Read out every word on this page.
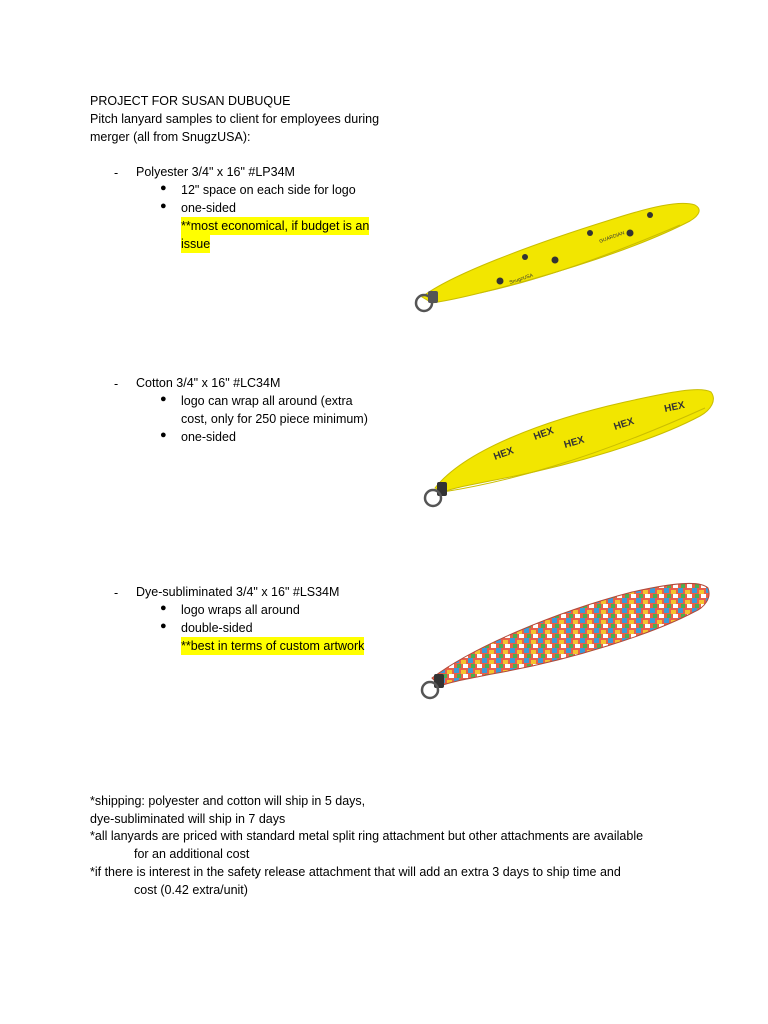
PROJECT FOR SUSAN DUBUQUE
Pitch lanyard samples to client for employees during
merger (all from SnugzUSA):
- Polyester 3/4" x 16" #LP34M
● 12" space on each side for logo
● one-sided
**most economical, if budget is an
issue
SnugzUSA
GUARDIAN
- Cotton 3/4" x 16" #LC34M
● logo can wrap all around (extra
cost, only for 250 piece minimum)
● one-sided
HEX
HEX
HEX
HEX
HEX
- Dye-subliminated 3/4" x 16" #LS34M
● logo wraps all around
● double-sided
**best in terms of custom artwork
*shipping: polyester and cotton will ship in 5 days,
dye-subliminated will ship in 7 days
*all lanyards are priced with standard metal split ring attachment but other attachments are available
for an additional cost
*if there is interest in the safety release attachment that will add an extra 3 days to ship time and
cost (0.42 extra/unit)
